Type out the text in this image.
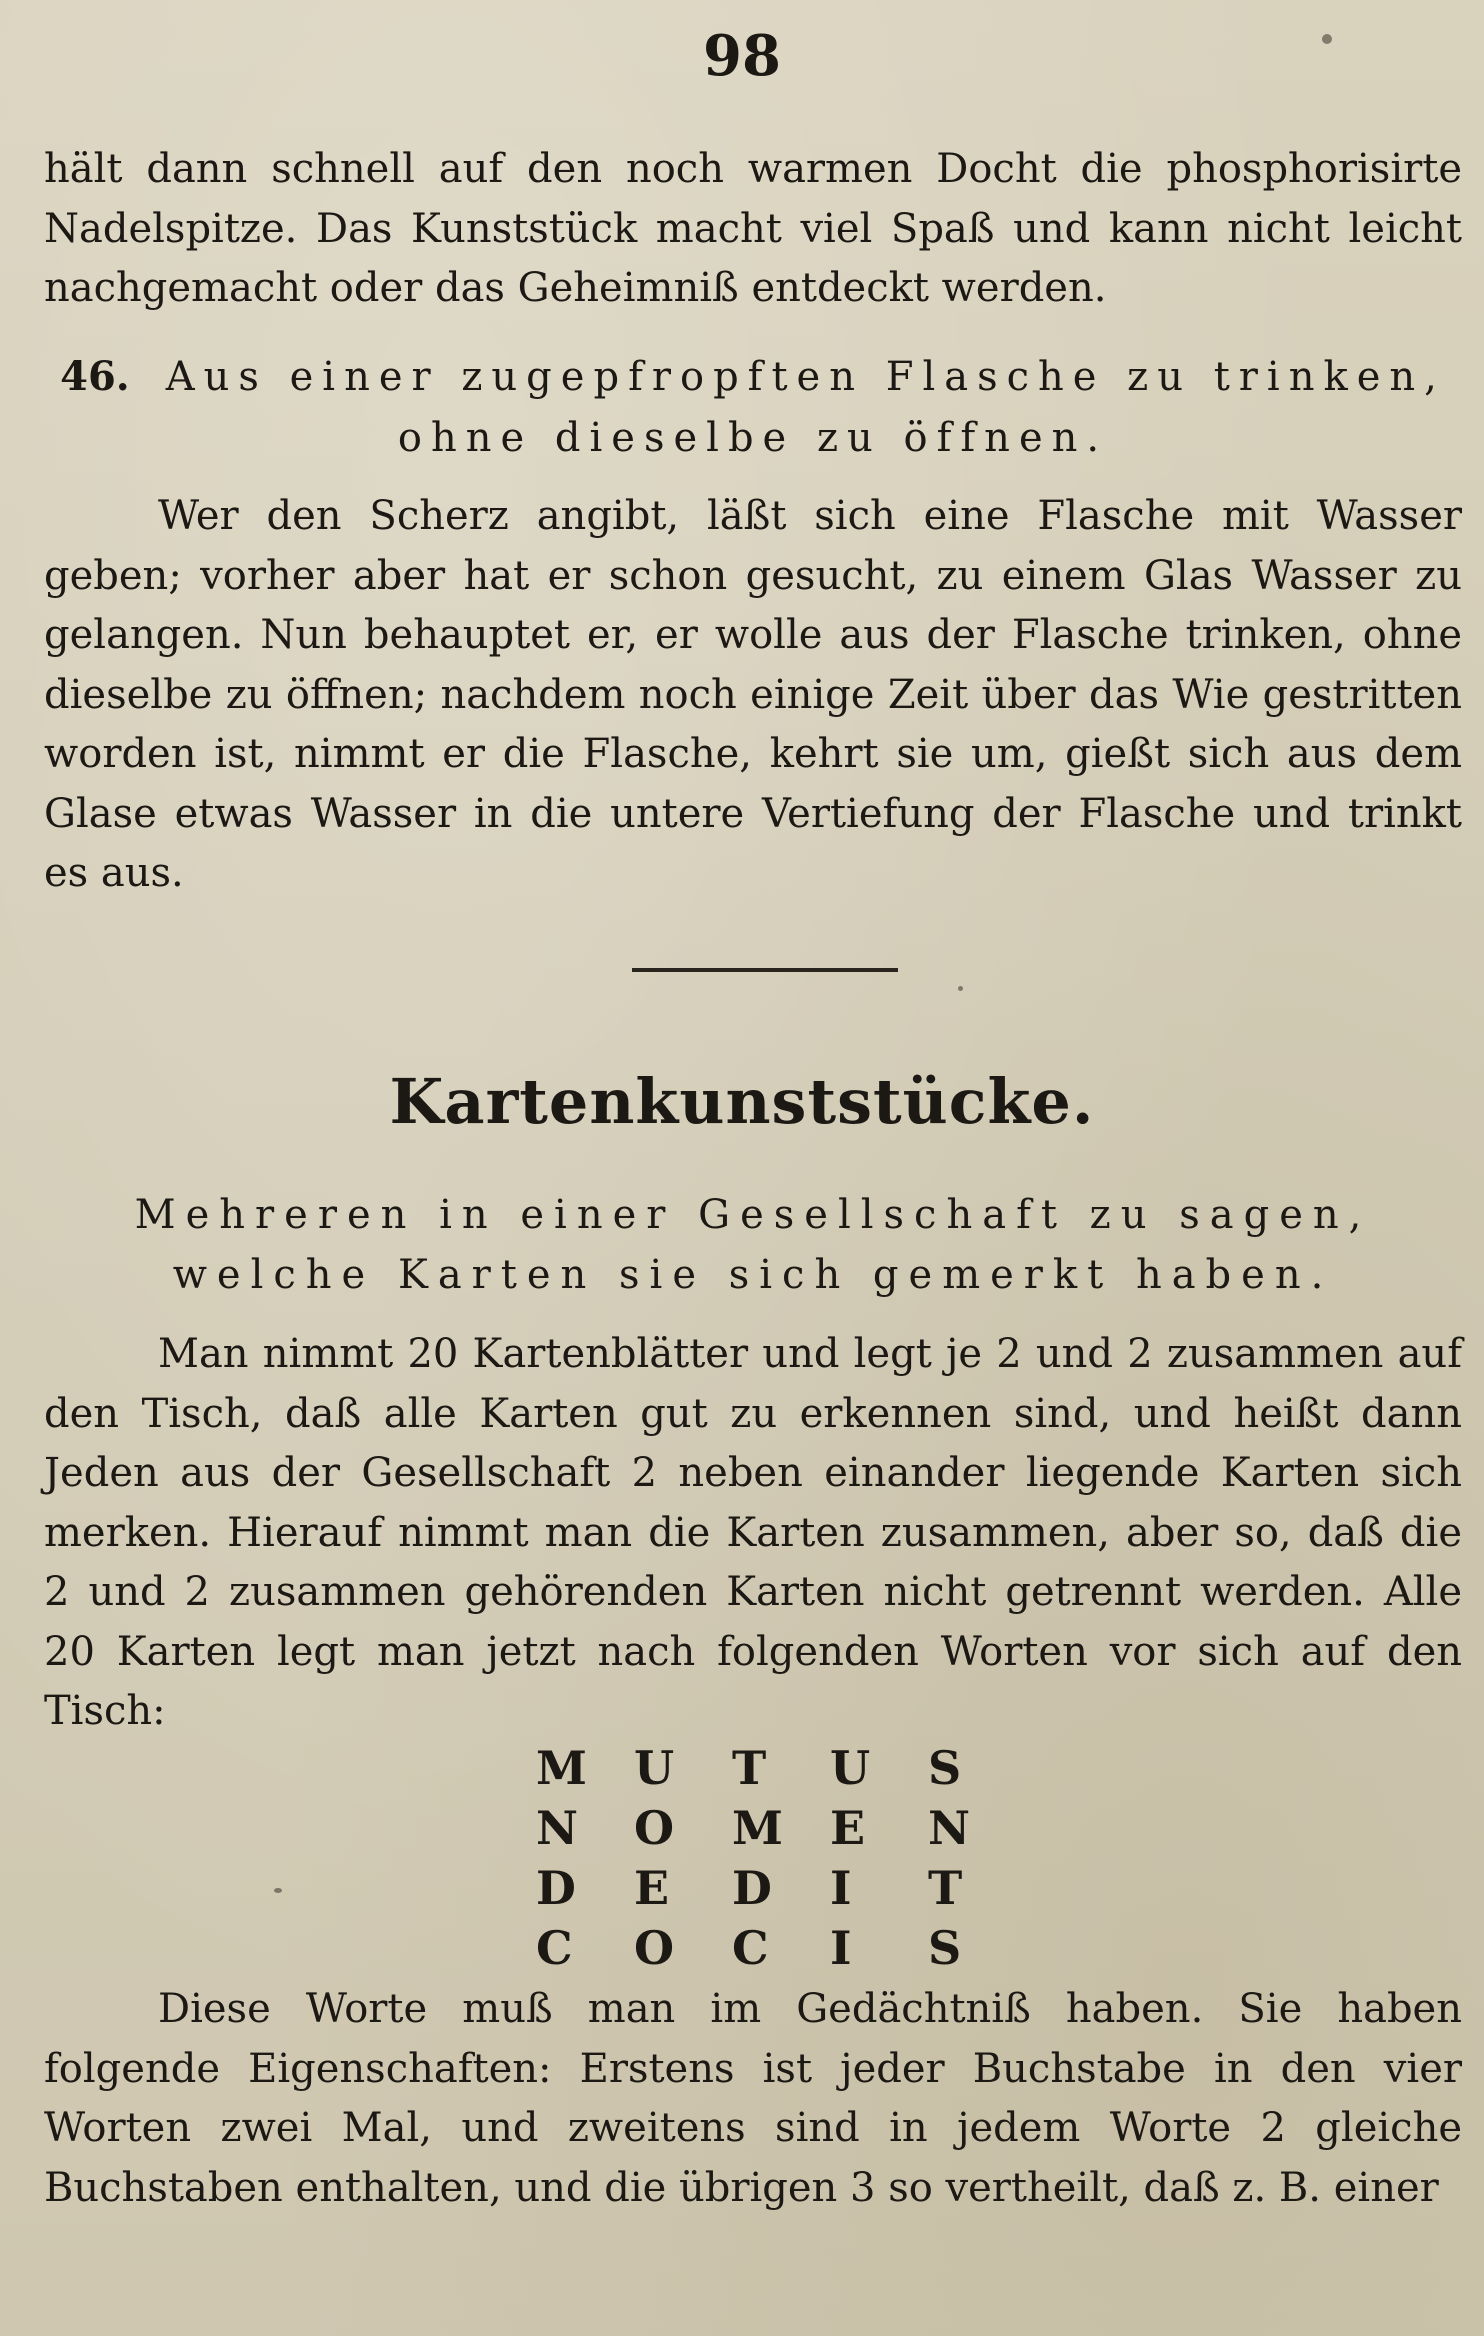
98

hält dann schnell auf den noch warmen Docht die phosphorisirte Nadelspitze. Das Kunststück macht viel Spaß und kann nicht leicht nachgemacht oder das Geheimniß entdeckt werden.

46. Aus einer zugepfropften Flasche zu trinken, ohne dieselbe zu öffnen.

Wer den Scherz angibt, läßt sich eine Flasche mit Wasser geben; vorher aber hat er schon gesucht, zu einem Glas Wasser zu gelangen. Nun behauptet er, er wolle aus der Flasche trinken, ohne dieselbe zu öffnen; nachdem noch einige Zeit über das Wie gestritten worden ist, nimmt er die Flasche, kehrt sie um, gießt sich aus dem Glase etwas Wasser in die untere Vertiefung der Flasche und trinkt es aus.

Kartenkunststücke.

Mehreren in einer Gesellschaft zu sagen, welche Karten sie sich gemerkt haben.

Man nimmt 20 Kartenblätter und legt je 2 und 2 zusammen auf den Tisch, daß alle Karten gut zu erkennen sind, und heißt dann Jeden aus der Gesellschaft 2 neben einander liegende Karten sich merken. Hierauf nimmt man die Karten zusammen, aber so, daß die 2 und 2 zusammen gehörenden Karten nicht getrennt werden. Alle 20 Karten legt man jetzt nach folgenden Worten vor sich auf den Tisch:

M	U	T	U	S
N	O	M	E	N
D	E	D	I	T
C	O	C	I	S

Diese Worte muß man im Gedächtniß haben. Sie haben folgende Eigenschaften: Erstens ist jeder Buchstabe in den vier Worten zwei Mal, und zweitens sind in jedem Worte 2 gleiche Buchstaben enthalten, und die übrigen 3 so vertheilt, daß z. B. einer
